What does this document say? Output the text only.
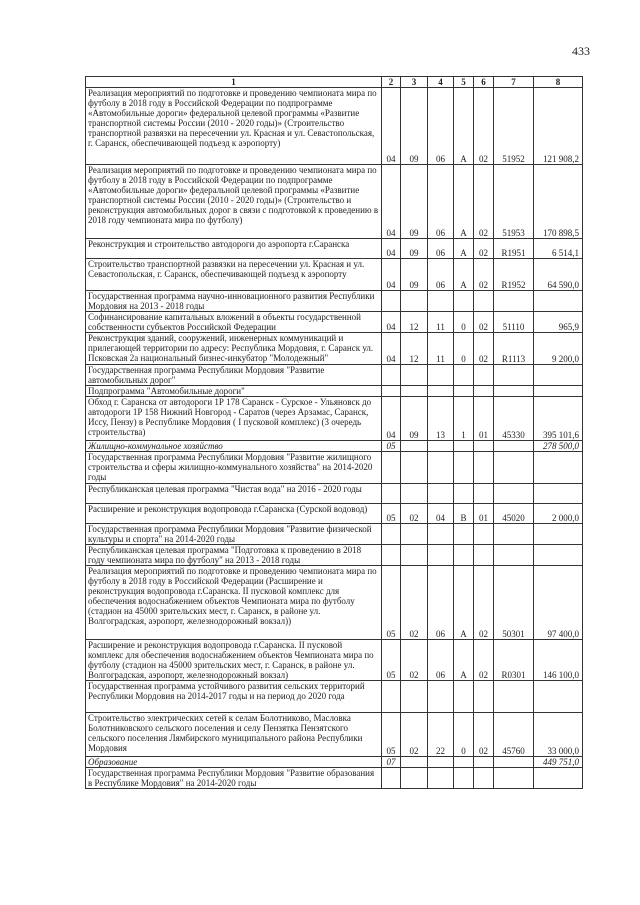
433
1	2	3	4	5	6	7	8
Реализация мероприятий по подготовке и проведению чемпионата мира по футболу в 2018 году в Российской Федерации по подпрограмме «Автомобильные дороги» федеральной целевой программы «Развитие транспортной системы России (2010 - 2020 годы)» (Строительство транспортной развязки на пересечении ул. Красная и ул. Севастопольская, г. Саранск, обеспечивающей подъезд к аэропорту)	04	09	06	А	02	51952	121 908,2
Реализация мероприятий по подготовке и проведению чемпионата мира по футболу в 2018 году в Российской Федерации по подпрограмме «Автомобильные дороги» федеральной целевой программы «Развитие транспортной системы России (2010 - 2020 годы)» (Строительство и реконструкция автомобильных дорог в связи с подготовкой к проведению в 2018 году чемпионата мира по футболу)	04	09	06	А	02	51953	170 898,5
Реконструкция и строительство автодороги до аэропорта г.Саранска	04	09	06	А	02	R1951	6 514,1
Строительство транспортной развязки на пересечении ул. Красная и ул. Севастопольская, г. Саранск, обеспечивающей подъезд к аэропорту	04	09	06	А	02	R1952	64 590,0
Государственная программа научно-инновационного развития Республики Мордовия на 2013 - 2018 годы							
Софинансирование капитальных вложений в объекты государственной собственности субъектов Российской Федерации	04	12	11	0	02	51110	965,9
Реконструкция зданий, сооружений, инженерных коммуникаций и прилегающей территории по адресу: Республика Мордовия, г. Саранск ул. Псковская 2а национальный бизнес-инкубатор "Молодежный"	04	12	11	0	02	R1113	9 200,0
Государственная программа Республики Мордовия "Развитие автомобильных дорог"							
Подпрограмма "Автомобильные дороги"							
Обход г. Саранска от автодороги 1Р 178 Саранск - Сурское - Ульяновск до автодороги 1Р 158 Нижний Новгород - Саратов (через Арзамас, Саранск, Иссу, Пензу) в Республике Мордовия ( I пусковой комплекс) (3 очередь строительства)	04	09	13	1	01	45330	395 101,6
Жилищно-коммунальное хозяйство	05						278 500,0
Государственная программа Республики Мордовия "Развитие жилищного строительства и сферы жилищно-коммунального хозяйства" на 2014-2020 годы							
Республиканская целевая программа "Чистая вода" на 2016 - 2020 годы							
Расширение и реконструкция водопровода г.Саранска (Сурской водовод)	05	02	04	В	01	45020	2 000,0
Государственная программа Республики Мордовия "Развитие физической культуры и спорта" на 2014-2020 годы							
Республиканская целевая программа "Подготовка к проведению в 2018 году чемпионата мира по футболу" на 2013 - 2018 годы							
Реализация мероприятий по подготовке и проведению чемпионата мира по футболу в 2018 году в Российской Федерации (Расширение и реконструкция водопровода г.Саранска. II пусковой комплекс для обеспечения водоснабжением объектов Чемпионата мира по футболу (стадион на 45000 зрительских мест, г. Саранск, в районе ул. Волгоградская, аэропорт, железнодорожный вокзал))	05	02	06	А	02	50301	97 400,0
Расширение и реконструкция водопровода г.Саранска. II пусковой комплекс для обеспечения водоснабжением объектов Чемпионата мира по футболу (стадион на 45000 зрительских мест, г. Саранск, в районе ул. Волгоградская, аэропорт, железнодорожный вокзал)	05	02	06	А	02	R0301	146 100,0
Государственная программа устойчивого развития сельских территорий Республики Мордовия на 2014-2017 годы и на период до 2020 года							
Строительство электрических сетей к селам Болотниково, Масловка Болотниковского сельского поселения и селу Пензятка Пензятского сельского поселения Лямбирского муниципального района Республики Мордовия	05	02	22	0	02	45760	33 000,0
Образование	07						449 751,0
Государственная программа Республики Мордовия "Развитие образования в Республике Мордовия" на 2014-2020 годы							
